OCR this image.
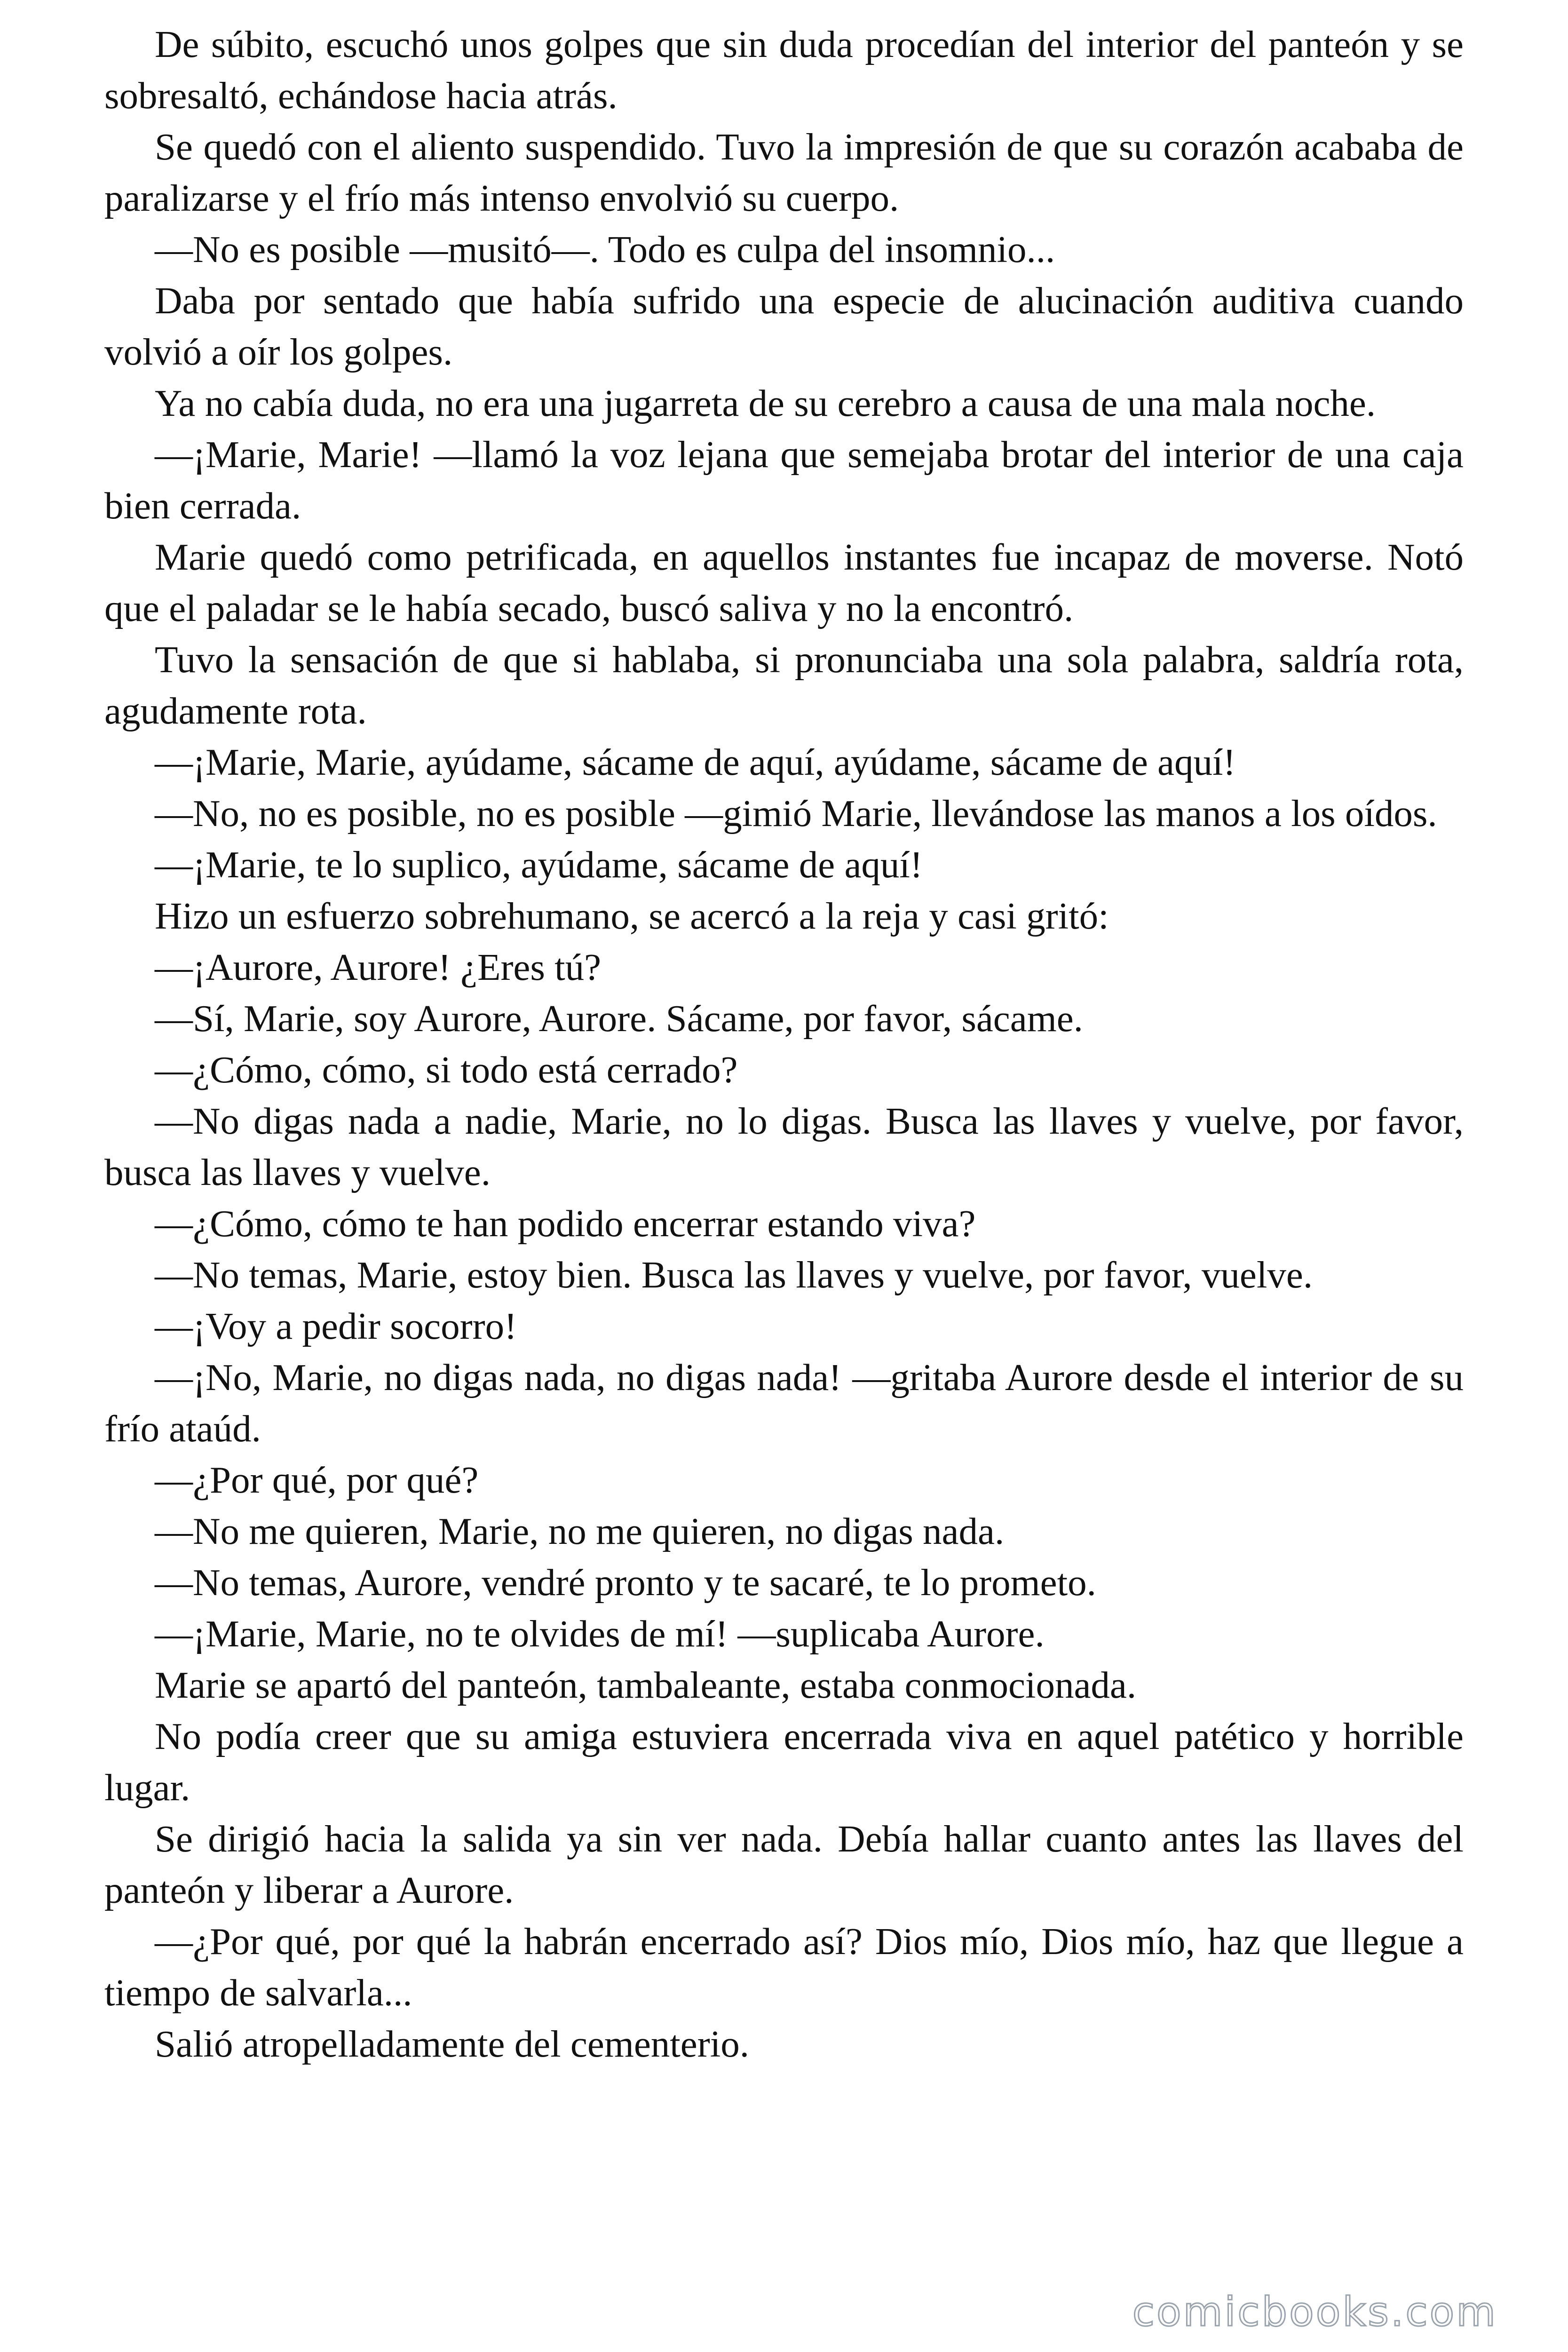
De súbito, escuchó unos golpes que sin duda procedían del interior del panteón y se sobresaltó, echándose hacia atrás.

Se quedó con el aliento suspendido. Tuvo la impresión de que su corazón acababa de paralizarse y el frío más intenso envolvió su cuerpo.

—No es posible —musitó—. Todo es culpa del insomnio...

Daba por sentado que había sufrido una especie de alucinación auditiva cuando volvió a oír los golpes.

Ya no cabía duda, no era una jugarreta de su cerebro a causa de una mala noche.

—¡Marie, Marie! —llamó la voz lejana que semejaba brotar del interior de una caja bien cerrada.

Marie quedó como petrificada, en aquellos instantes fue incapaz de moverse. Notó que el paladar se le había secado, buscó saliva y no la encontró.

Tuvo la sensación de que si hablaba, si pronunciaba una sola palabra, saldría rota, agudamente rota.

—¡Marie, Marie, ayúdame, sácame de aquí, ayúdame, sácame de aquí!

—No, no es posible, no es posible —gimió Marie, llevándose las manos a los oídos.

—¡Marie, te lo suplico, ayúdame, sácame de aquí!

Hizo un esfuerzo sobrehumano, se acercó a la reja y casi gritó:

—¡Aurore, Aurore! ¿Eres tú?

—Sí, Marie, soy Aurore, Aurore. Sácame, por favor, sácame.

—¿Cómo, cómo, si todo está cerrado?

—No digas nada a nadie, Marie, no lo digas. Busca las llaves y vuelve, por favor, busca las llaves y vuelve.

—¿Cómo, cómo te han podido encerrar estando viva?

—No temas, Marie, estoy bien. Busca las llaves y vuelve, por favor, vuelve.

—¡Voy a pedir socorro!

—¡No, Marie, no digas nada, no digas nada! —gritaba Aurore desde el interior de su frío ataúd.

—¿Por qué, por qué?

—No me quieren, Marie, no me quieren, no digas nada.

—No temas, Aurore, vendré pronto y te sacaré, te lo prometo.

—¡Marie, Marie, no te olvides de mí! —suplicaba Aurore.

Marie se apartó del panteón, tambaleante, estaba conmocionada.

No podía creer que su amiga estuviera encerrada viva en aquel patético y horrible lugar.

Se dirigió hacia la salida ya sin ver nada. Debía hallar cuanto antes las llaves del panteón y liberar a Aurore.

—¿Por qué, por qué la habrán encerrado así? Dios mío, Dios mío, haz que llegue a tiempo de salvarla...

Salió atropelladamente del cementerio.

comicbooks.com
